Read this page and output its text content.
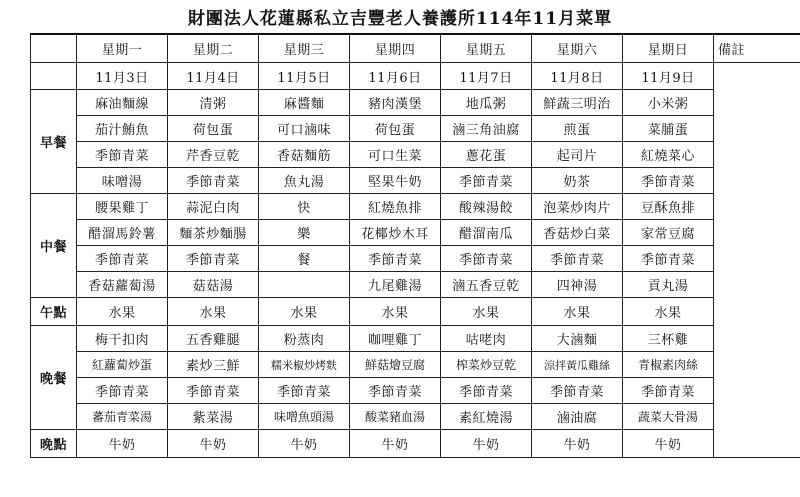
財團法人花蓮縣私立吉豐老人養護所114年11月菜單
	星期一	星期二	星期三	星期四	星期五	星期六	星期日	備註
	11月3日	11月4日	11月5日	11月6日	11月7日	11月8日	11月9日	
早餐	麻油麵線	清粥	麻醬麵	豬肉漢堡	地瓜粥	鮮蔬三明治	小米粥	
	茄汁鮪魚	荷包蛋	可口滷味	荷包蛋	滷三角油腐	煎蛋	菜脯蛋	
	季節青菜	芹香豆乾	香菇麵筋	可口生菜	蔥花蛋	起司片	紅燒菜心	
	味噌湯	季節青菜	魚丸湯	堅果牛奶	季節青菜	奶茶	季節青菜	
中餐	腰果雞丁	蒜泥白肉	快	紅燒魚排	酸辣湯餃	泡菜炒肉片	豆酥魚排	
	醋溜馬鈴薯	麵茶炒麵腸	樂	花椰炒木耳	醋溜南瓜	香菇炒白菜	家常豆腐	
	季節青菜	季節青菜	餐	季節青菜	季節青菜	季節青菜	季節青菜	
	香菇蘿蔔湯	菇菇湯		九尾雞湯	滷五香豆乾	四神湯	貢丸湯	
午點	水果	水果	水果	水果	水果	水果	水果	
晚餐	梅干扣肉	五香雞腿	粉蒸肉	咖哩雞丁	咕咾肉	大滷麵	三杯雞	
	紅蘿蔔炒蛋	素炒三鮮	糯米椒炒烤麩	鮮菇燴豆腐	榨菜炒豆乾	涼拌黃瓜雞絲	青椒素肉絲	
	季節青菜	季節青菜	季節青菜	季節青菜	季節青菜	季節青菜	季節青菜	
	蕃茄青菜湯	紫菜湯	味噌魚頭湯	酸菜豬血湯	素紅燒湯	滷油腐	蔬菜大骨湯	
晚點	牛奶	牛奶	牛奶	牛奶	牛奶	牛奶	牛奶	
